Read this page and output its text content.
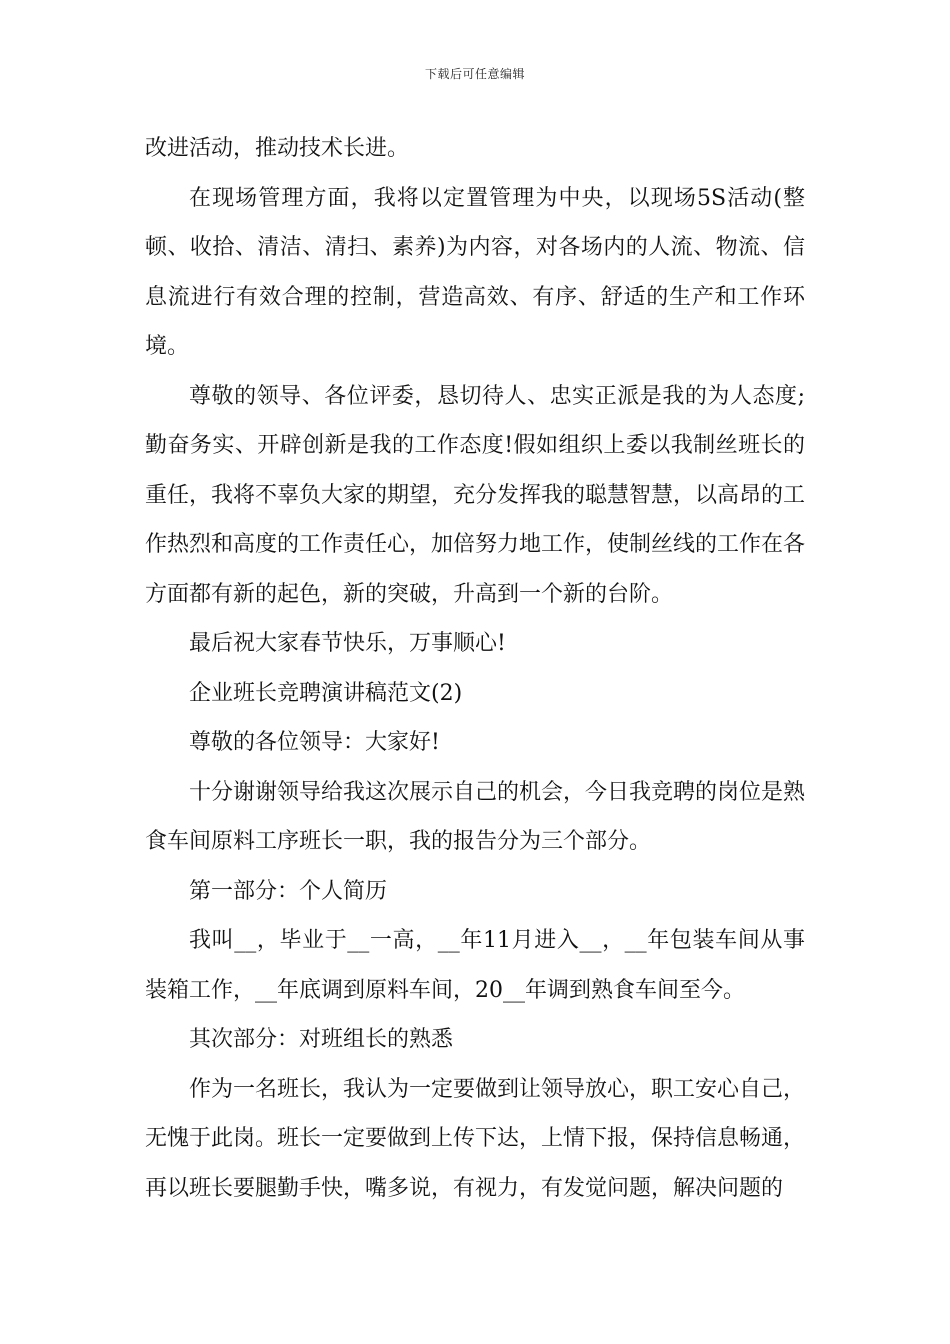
下载后可任意编辑

改进活动，推动技术长进。

在现场管理方面，我将以定置管理为中央，以现场5S活动(整顿、收拾、清洁、清扫、素养)为内容，对各场内的人流、物流、信息流进行有效合理的控制，营造高效、有序、舒适的生产和工作环境。

尊敬的领导、各位评委，恳切待人、忠实正派是我的为人态度;勤奋务实、开辟创新是我的工作态度!假如组织上委以我制丝班长的重任，我将不辜负大家的期望，充分发挥我的聪慧智慧，以高昂的工作热烈和高度的工作责任心，加倍努力地工作，使制丝线的工作在各方面都有新的起色，新的突破，升高到一个新的台阶。

最后祝大家春节快乐，万事顺心!

企业班长竞聘演讲稿范文(2)

尊敬的各位领导：大家好!

十分谢谢领导给我这次展示自己的机会，今日我竞聘的岗位是熟食车间原料工序班长一职，我的报告分为三个部分。

第一部分：个人简历

我叫__，毕业于__一高，__年11月进入__，__年包装车间从事装箱工作，__年底调到原料车间，20__年调到熟食车间至今。

其次部分：对班组长的熟悉

作为一名班长，我认为一定要做到让领导放心，职工安心自己，无愧于此岗。班长一定要做到上传下达，上情下报，保持信息畅通，再以班长要腿勤手快，嘴多说，有视力，有发觉问题，解决问题的
